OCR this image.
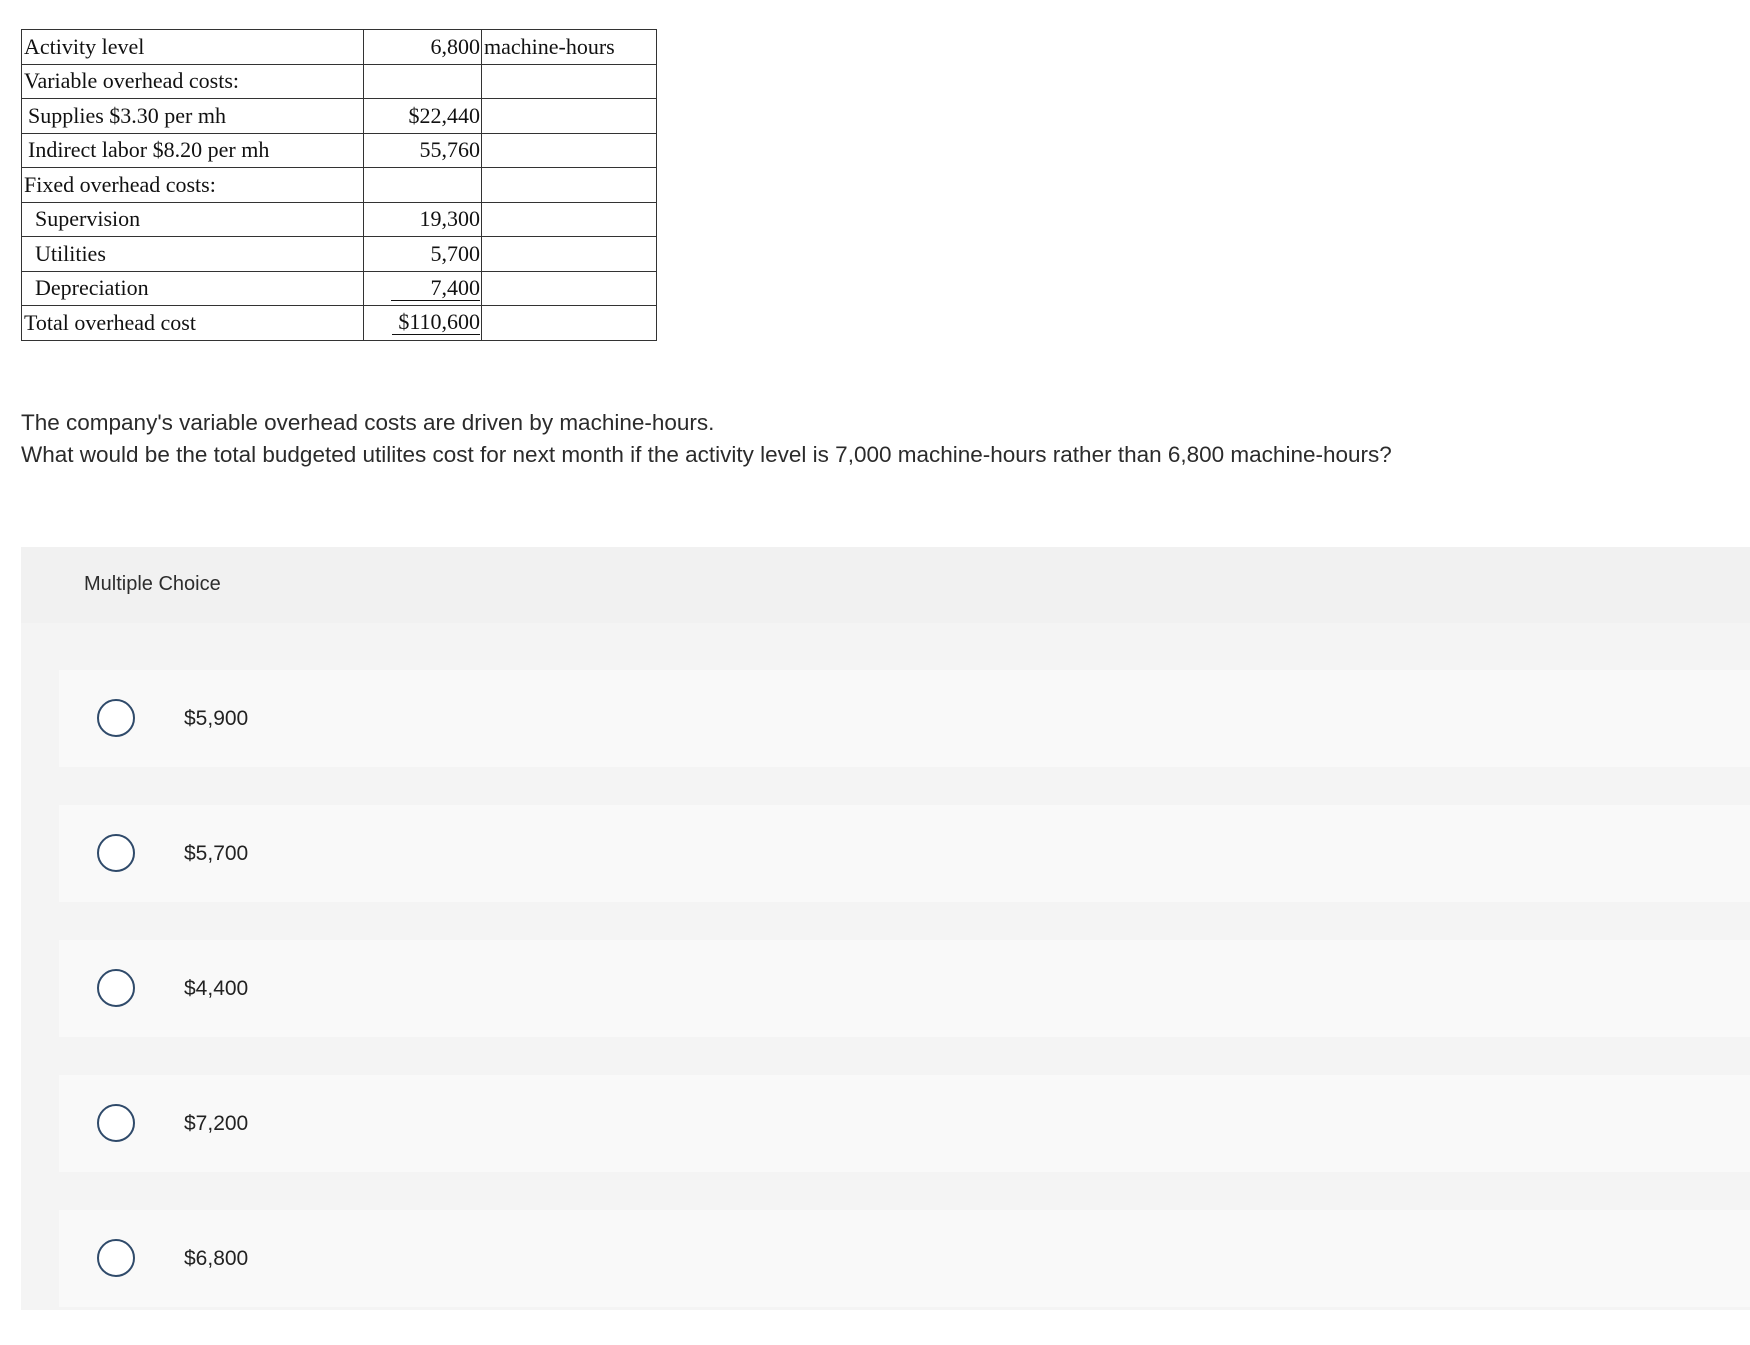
Activity level	6,800	machine-hours
Variable overhead costs:		
Supplies $3.30 per mh	$22,440	
Indirect labor $8.20 per mh	55,760	
Fixed overhead costs:		
Supervision	19,300	
Utilities	5,700	
Depreciation	7,400	
Total overhead cost	$110,600	

The company's variable overhead costs are driven by machine-hours.

What would be the total budgeted utilites cost for next month if the activity level is 7,000 machine-hours rather than 6,800 machine-hours?

Multiple Choice
$5,900
$5,700
$4,400
$7,200
$6,800
